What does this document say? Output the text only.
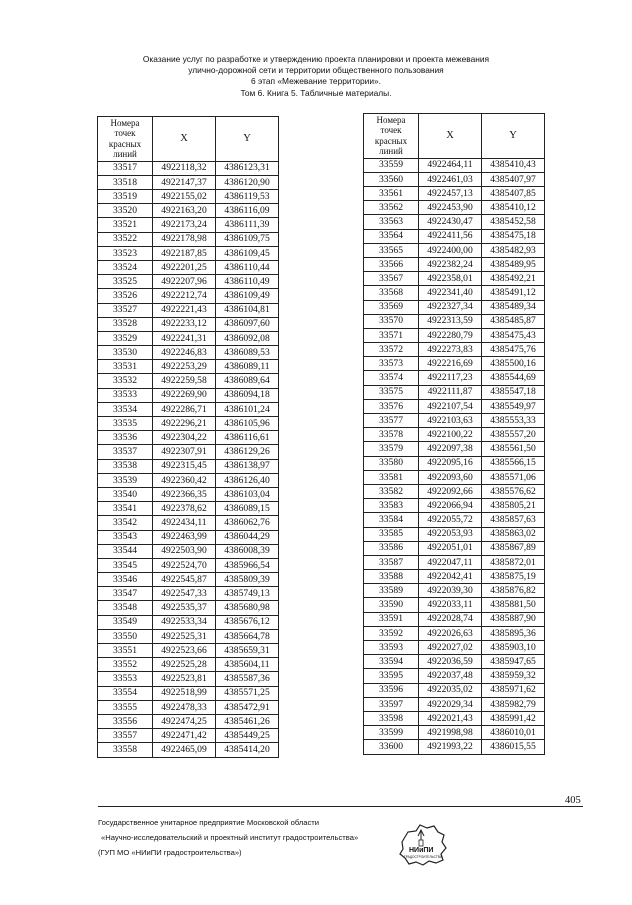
Оказание услуг по разработке и утверждению проекта планировки и проекта межевания
улично-дорожной сети и территории общественного пользования
6 этап «Межевание территории».
Том 6. Книга 5. Табличные материалы.
Номера
точек
красных
линий	X	Y
33517	4922118,32	4386123,31
33518	4922147,37	4386120,90
33519	4922155,02	4386119,53
33520	4922163,20	4386116,09
33521	4922173,24	4386111,39
33522	4922178,98	4386109,75
33523	4922187,85	4386109,45
33524	4922201,25	4386110,44
33525	4922207,96	4386110,49
33526	4922212,74	4386109,49
33527	4922221,43	4386104,81
33528	4922233,12	4386097,60
33529	4922241,31	4386092,08
33530	4922246,83	4386089,53
33531	4922253,29	4386089,11
33532	4922259,58	4386089,64
33533	4922269,90	4386094,18
33534	4922286,71	4386101,24
33535	4922296,21	4386105,96
33536	4922304,22	4386116,61
33537	4922307,91	4386129,26
33538	4922315,45	4386138,97
33539	4922360,42	4386126,40
33540	4922366,35	4386103,04
33541	4922378,62	4386089,15
33542	4922434,11	4386062,76
33543	4922463,99	4386044,29
33544	4922503,90	4386008,39
33545	4922524,70	4385966,54
33546	4922545,87	4385809,39
33547	4922547,33	4385749,13
33548	4922535,37	4385680,98
33549	4922533,34	4385676,12
33550	4922525,31	4385664,78
33551	4922523,66	4385659,31
33552	4922525,28	4385604,11
33553	4922523,81	4385587,36
33554	4922518,99	4385571,25
33555	4922478,33	4385472,91
33556	4922474,25	4385461,26
33557	4922471,42	4385449,25
33558	4922465,09	4385414,20
Номера
точек
красных
линий	X	Y
33559	4922464,11	4385410,43
33560	4922461,03	4385407,97
33561	4922457,13	4385407,85
33562	4922453,90	4385410,12
33563	4922430,47	4385452,58
33564	4922411,56	4385475,18
33565	4922400,00	4385482,93
33566	4922382,24	4385489,95
33567	4922358,01	4385492,21
33568	4922341,40	4385491,12
33569	4922327,34	4385489,34
33570	4922313,59	4385485,87
33571	4922280,79	4385475,43
33572	4922273,83	4385475,76
33573	4922216,69	4385500,16
33574	4922117,23	4385544,69
33575	4922111,87	4385547,18
33576	4922107,54	4385549,97
33577	4922103,63	4385553,33
33578	4922100,22	4385557,20
33579	4922097,38	4385561,50
33580	4922095,16	4385566,15
33581	4922093,60	4385571,06
33582	4922092,66	4385576,62
33583	4922066,94	4385805,21
33584	4922055,72	4385857,63
33585	4922053,93	4385863,02
33586	4922051,01	4385867,89
33587	4922047,11	4385872,01
33588	4922042,41	4385875,19
33589	4922039,30	4385876,82
33590	4922033,11	4385881,50
33591	4922028,74	4385887,90
33592	4922026,63	4385895,36
33593	4922027,02	4385903,10
33594	4922036,59	4385947,65
33595	4922037,48	4385959,32
33596	4922035,02	4385971,62
33597	4922029,34	4385982,79
33598	4922021,43	4385991,42
33599	4921998,98	4386010,01
33600	4921993,22	4386015,55
405
Государственное унитарное предприятие Московской области
«Научно-исследовательский и проектный институт градостроительства»
(ГУП МО «НИиПИ градостроительства»)	НИиПИ
ГРАДОСТРОИТЕЛЬСТВА
